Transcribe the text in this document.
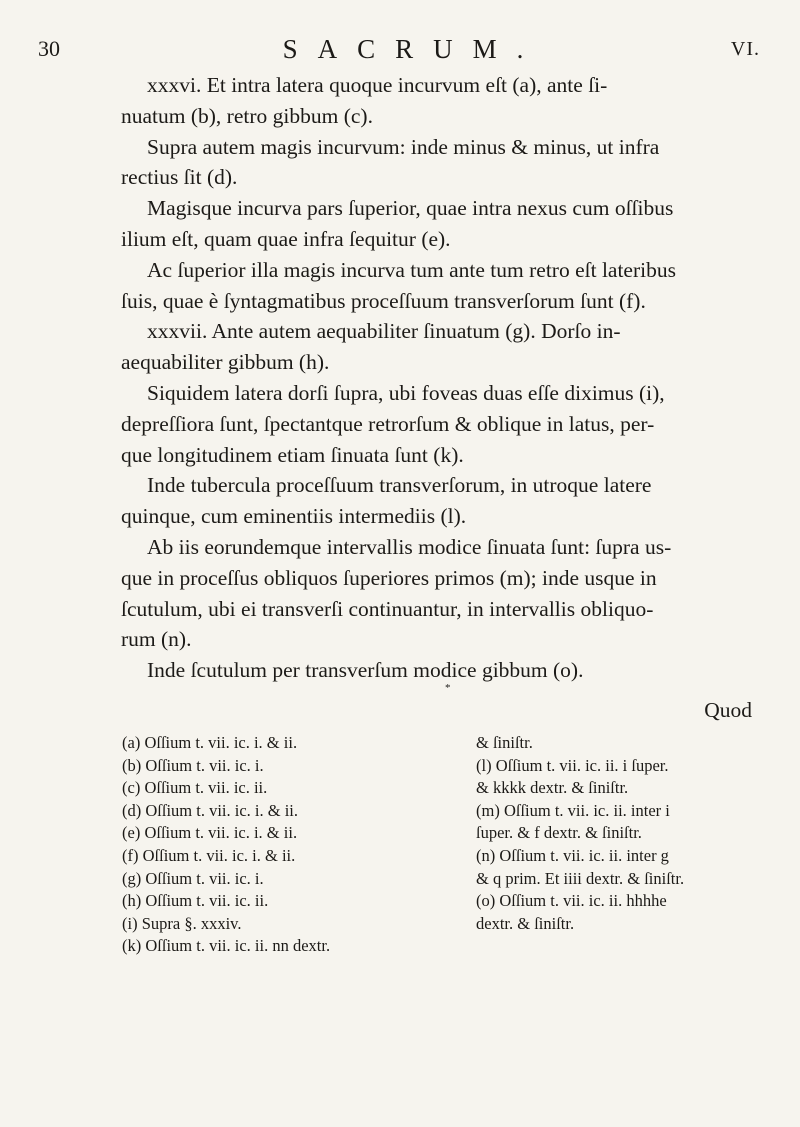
30	SACRUM.	VI.

xxxvi. Et intra latera quoque incurvum eſt (a), ante ſi-

nuatum (b), retro gibbum (c).

Supra autem magis incurvum: inde minus & minus, ut infra

rectius ſit (d).

Magisque incurva pars ſuperior, quae intra nexus cum oſſibus

ilium eſt, quam quae infra ſequitur (e).

Ac ſuperior illa magis incurva tum ante tum retro eſt lateribus

ſuis, quae è ſyntagmatibus proceſſuum transverſorum ſunt (f).

xxxvii. Ante autem aequabiliter ſinuatum (g). Dorſo in-

aequabiliter gibbum (h).

Siquidem latera dorſi ſupra, ubi foveas duas eſſe diximus (i),

depreſſiora ſunt, ſpectantque retrorſum & oblique in latus, per-

que longitudinem etiam ſinuata ſunt (k).

Inde tubercula proceſſuum transverſorum, in utroque latere

quinque, cum eminentiis intermediis (l).

Ab iis eorundemque intervallis modice ſinuata ſunt: ſupra us-

que in proceſſus obliquos ſuperiores primos (m); inde usque in

ſcutulum, ubi ei transverſi continuantur, in intervallis obliquo-

rum (n).

Inde ſcutulum per transverſum modice gibbum (o).

*
Quod

(a) Oſſium t. vii. ic. i. & ii.

(b) Oſſium t. vii. ic. i.

(c) Oſſium t. vii. ic. ii.

(d) Oſſium t. vii. ic. i. & ii.

(e) Oſſium t. vii. ic. i. & ii.

(f) Oſſium t. vii. ic. i. & ii.

(g) Oſſium t. vii. ic. i.

(h) Oſſium t. vii. ic. ii.

(i) Supra §. xxxiv.

(k) Oſſium t. vii. ic. ii. nn dextr.

& ſiniſtr.

(l) Oſſium t. vii. ic. ii. i ſuper.

& kkkk dextr. & ſiniſtr.

(m) Oſſium t. vii. ic. ii. inter i

ſuper. & f dextr. & ſiniſtr.

(n) Oſſium t. vii. ic. ii. inter g

& q prim. Et iiii dextr. & ſiniſtr.

(o) Oſſium t. vii. ic. ii. hhhhe

dextr. & ſiniſtr.
